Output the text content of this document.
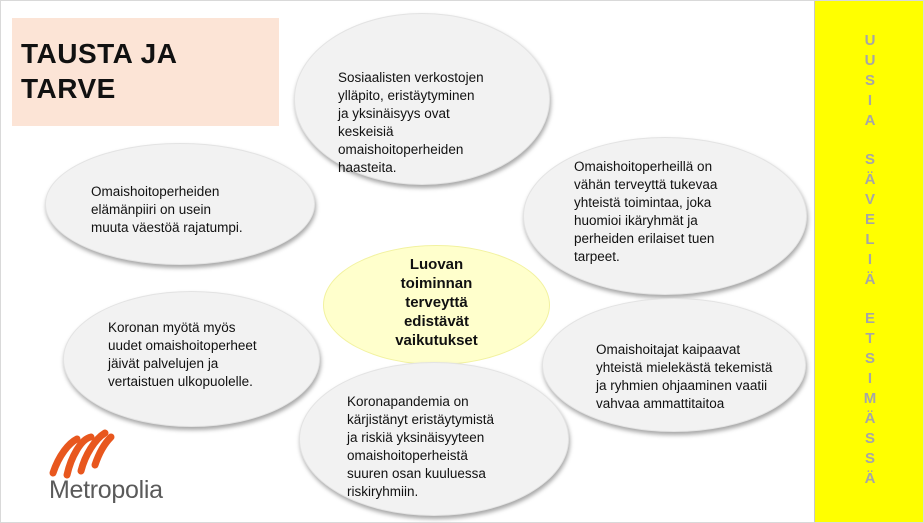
TAUSTA JA
TARVE	Sosiaalisten verkostojen
ylläpito, eristäytyminen
ja yksinäisyys ovat
keskeisiä
omaishoitoperheiden
haasteita.

Omaishoitoperheiden
elämänpiiri on usein
muuta väestöä rajatumpi.

Omaishoitoperheillä on
vähän terveyttä tukevaa
yhteistä toimintaa, joka
huomioi ikäryhmät ja
perheiden erilaiset tuen
tarpeet.

Luovan
toiminnan
terveyttä
edistävät
vaikutukset

Koronan myötä myös
uudet omaishoitoperheet
jäivät palvelujen ja
vertaistuen ulkopuolelle.

Omaishoitajat kaipaavat
yhteistä mielekästä tekemistä
ja ryhmien ohjaaminen vaatii
vahvaa ammattitaitoa

Koronapandemia on
kärjistänyt eristäytymistä
ja riskiä yksinäisyyteen
omaishoitoperheistä
suuren osan kuuluessa
riskiryhmiin.

Metropolia
U
U
S
I
A
S
Ä
V
E
L
I
Ä
E
T
S
I
M
Ä
S
S
Ä
